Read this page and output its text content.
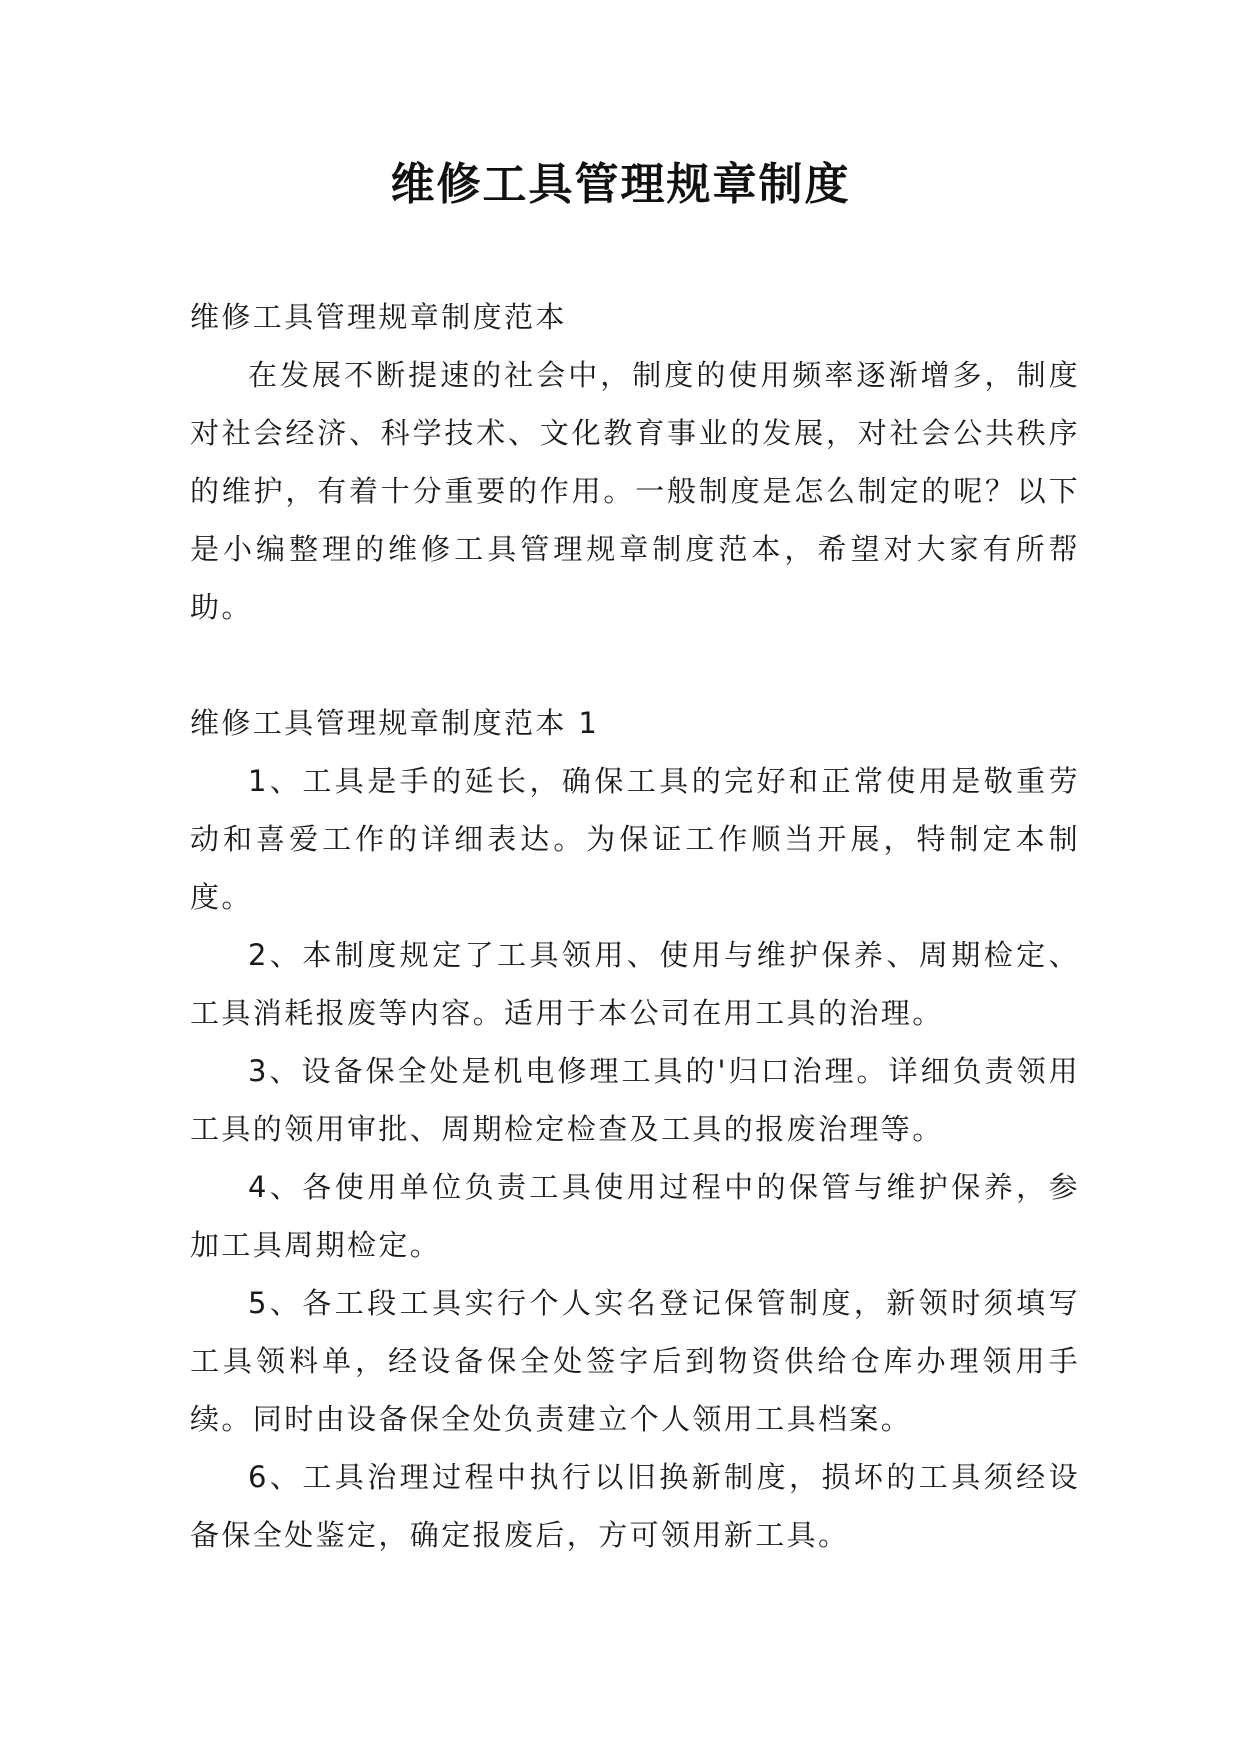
维修工具管理规章制度

维修工具管理规章制度范本

在发展不断提速的社会中，制度的使用频率逐渐增多，制度对社会经济、科学技术、文化教育事业的发展，对社会公共秩序的维护，有着十分重要的作用。一般制度是怎么制定的呢？以下是小编整理的维修工具管理规章制度范本，希望对大家有所帮助。

维修工具管理规章制度范本 1

1、工具是手的延长，确保工具的完好和正常使用是敬重劳动和喜爱工作的详细表达。为保证工作顺当开展，特制定本制度。

2、本制度规定了工具领用、使用与维护保养、周期检定、工具消耗报废等内容。适用于本公司在用工具的治理。

3、设备保全处是机电修理工具的'归口治理。详细负责领用工具的领用审批、周期检定检查及工具的报废治理等。

4、各使用单位负责工具使用过程中的保管与维护保养，参加工具周期检定。

5、各工段工具实行个人实名登记保管制度，新领时须填写工具领料单，经设备保全处签字后到物资供给仓库办理领用手续。同时由设备保全处负责建立个人领用工具档案。

6、工具治理过程中执行以旧换新制度，损坏的工具须经设备保全处鉴定，确定报废后，方可领用新工具。
